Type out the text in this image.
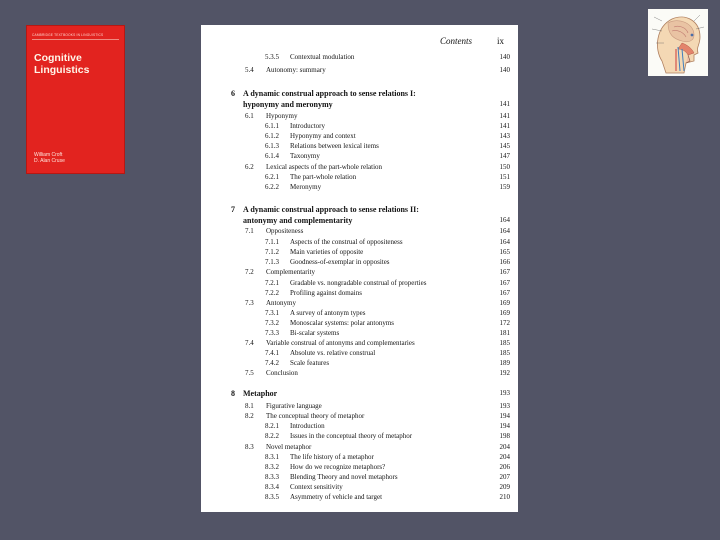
CAMBRIDGE TEXTBOOKS IN LINGUISTICS
Cognitive
Linguistics
William Croft
D. Alan Cruse
Contents	ix
5.3.5 Contextual modulation	140
5.4 Autonomy: summary	140
6 A dynamic construal approach to sense relations I:
hyponymy and meronymy	141
6.1 Hyponymy	141
6.1.1 Introductory	141
6.1.2 Hyponymy and context	143
6.1.3 Relations between lexical items	145
6.1.4 Taxonymy	147
6.2 Lexical aspects of the part-whole relation	150
6.2.1 The part-whole relation	151
6.2.2 Meronymy	159
7 A dynamic construal approach to sense relations II:
antonymy and complementarity	164
7.1 Oppositeness	164
7.1.1 Aspects of the construal of oppositeness	164
7.1.2 Main varieties of opposite	165
7.1.3 Goodness-of-exemplar in opposites	166
7.2 Complementarity	167
7.2.1 Gradable vs. nongradable construal of properties	167
7.2.2 Profiling against domains	167
7.3 Antonymy	169
7.3.1 A survey of antonym types	169
7.3.2 Monoscalar systems: polar antonyms	172
7.3.3 Bi-scalar systems	181
7.4 Variable construal of antonyms and complementaries	185
7.4.1 Absolute vs. relative construal	185
7.4.2 Scale features	189
7.5 Conclusion	192
8 Metaphor	193
8.1 Figurative language	193
8.2 The conceptual theory of metaphor	194
8.2.1 Introduction	194
8.2.2 Issues in the conceptual theory of metaphor	198
8.3 Novel metaphor	204
8.3.1 The life history of a metaphor	204
8.3.2 How do we recognize metaphors?	206
8.3.3 Blending Theory and novel metaphors	207
8.3.4 Context sensitivity	209
8.3.5 Asymmetry of vehicle and target	210
